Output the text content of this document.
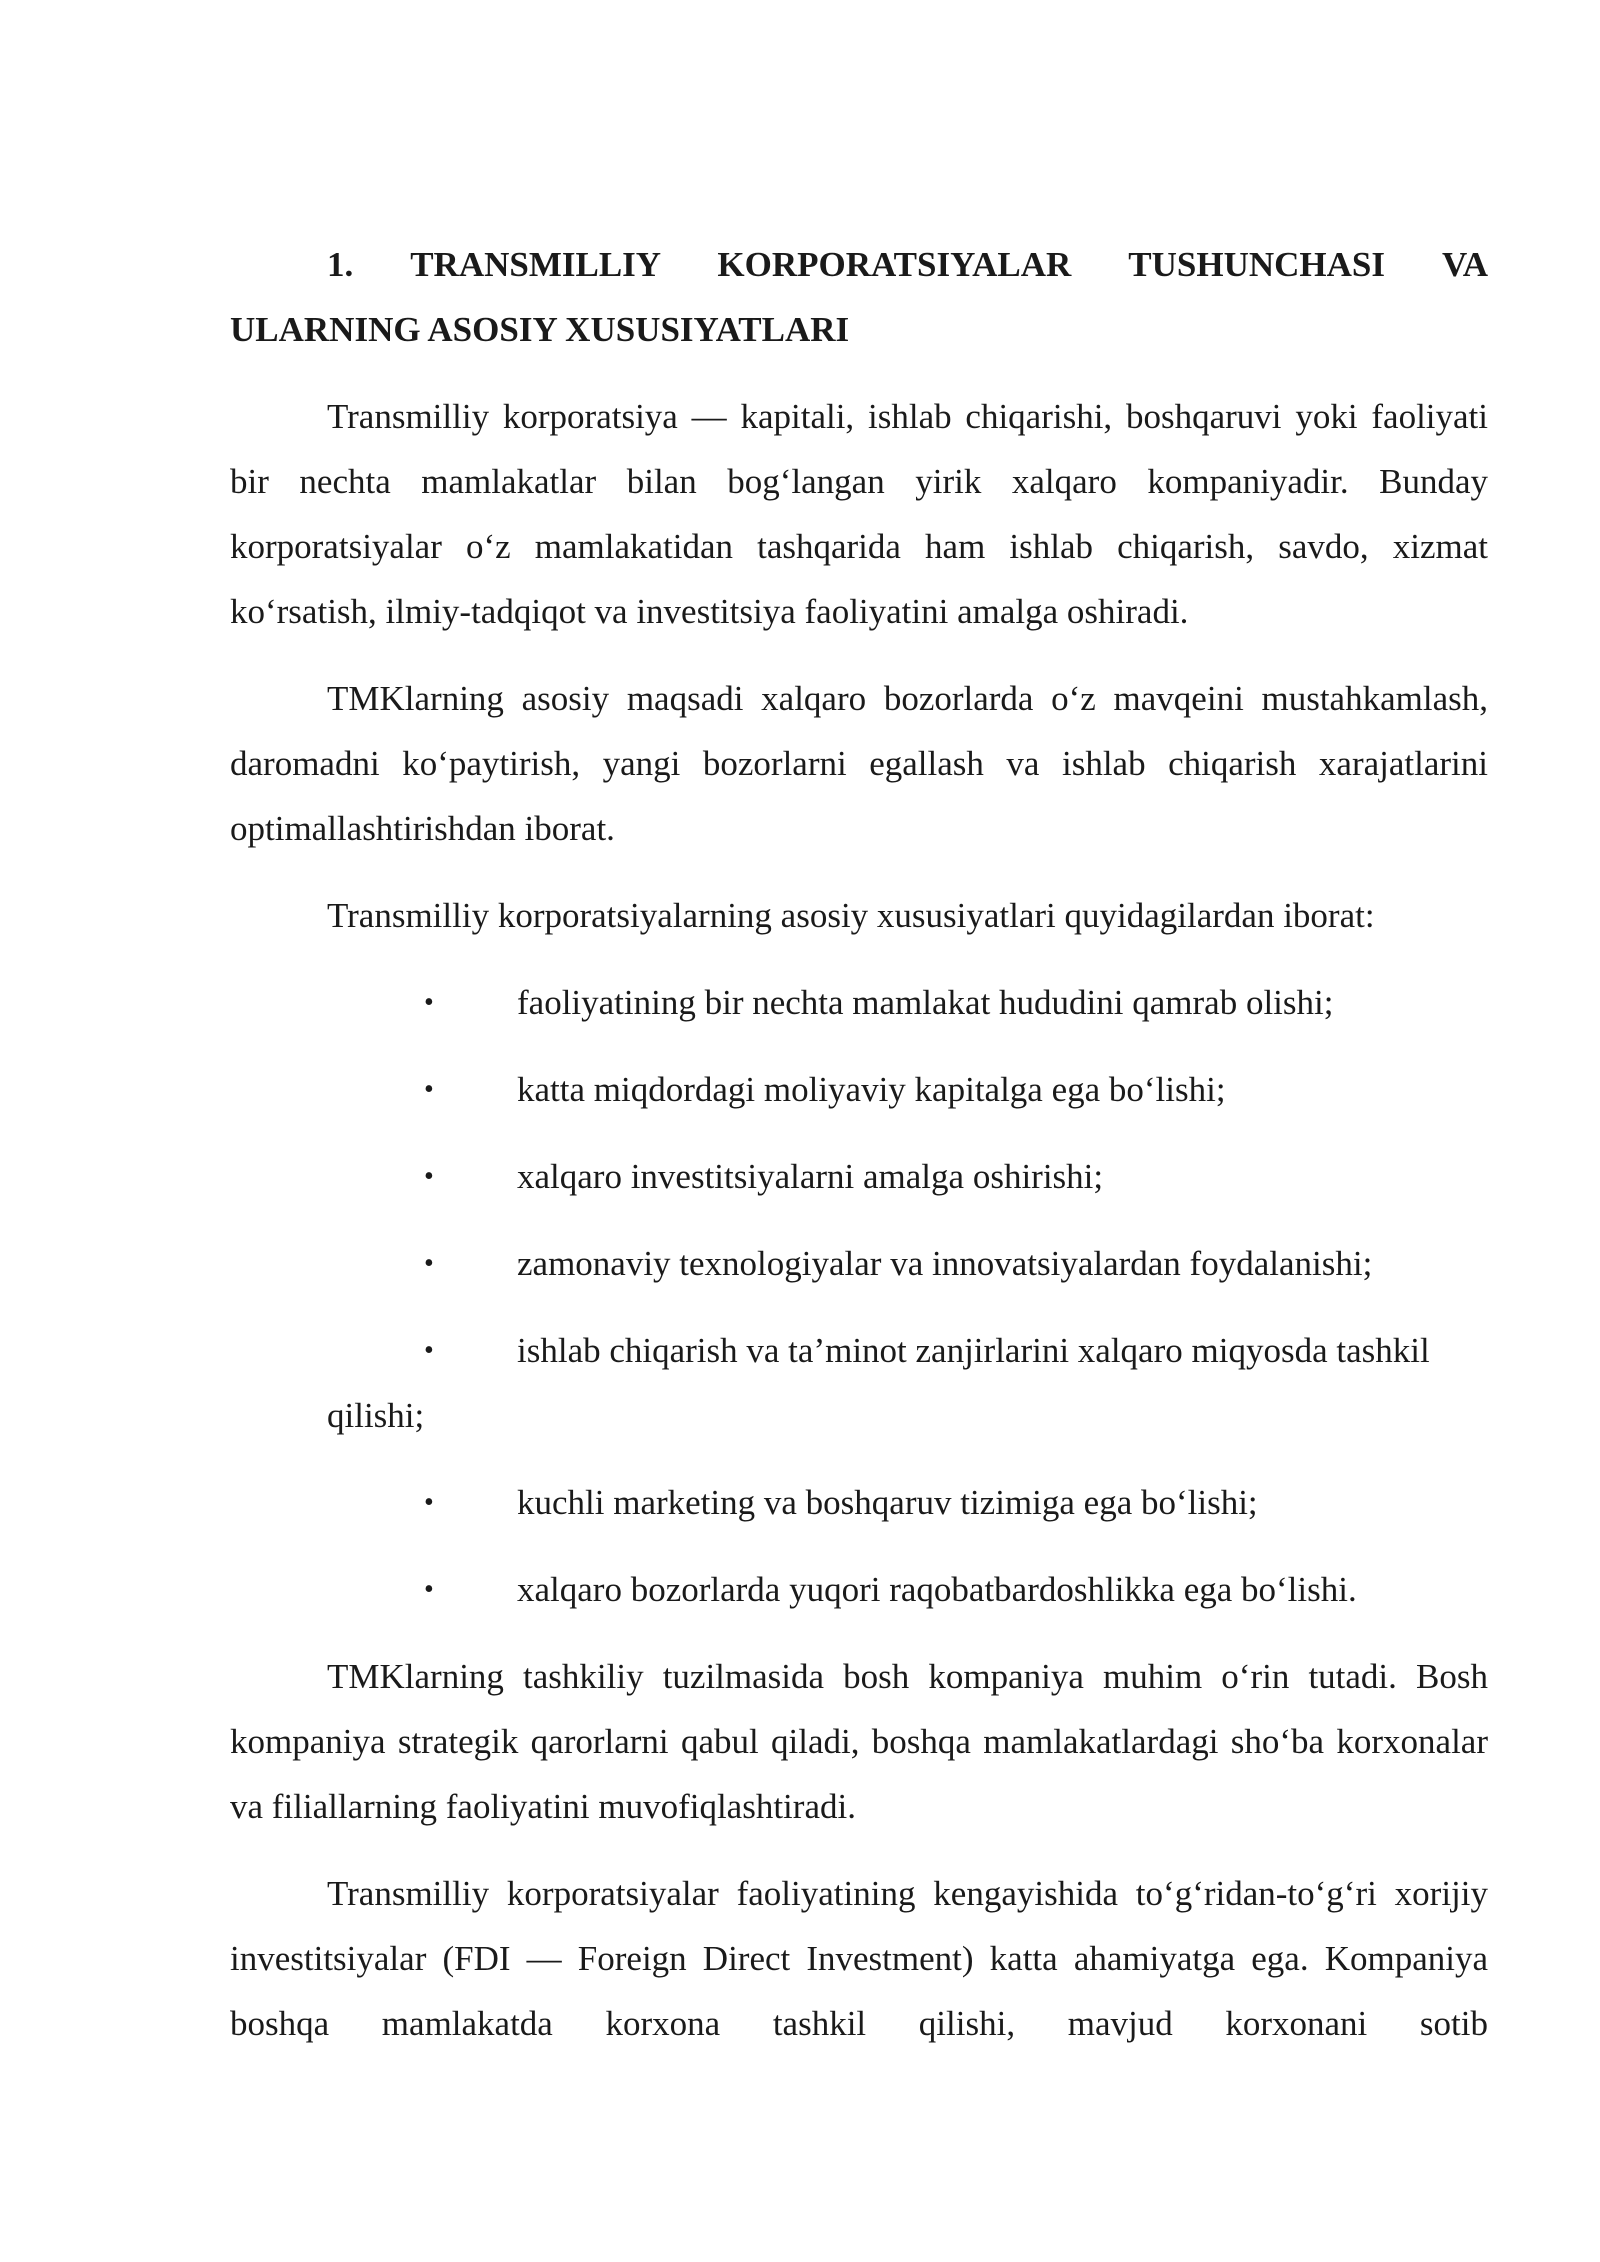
1. TRANSMILLIY KORPORATSIYALAR TUSHUNCHASI VA ULARNING ASOSIY XUSUSIYATLARI

Transmilliy korporatsiya — kapitali, ishlab chiqarishi, boshqaruvi yoki faoliyati bir nechta mamlakatlar bilan bog‘langan yirik xalqaro kompaniyadir. Bunday korporatsiyalar o‘z mamlakatidan tashqarida ham ishlab chiqarish, savdo, xizmat ko‘rsatish, ilmiy-tadqiqot va investitsiya faoliyatini amalga oshiradi.

TMKlarning asosiy maqsadi xalqaro bozorlarda o‘z mavqeini mustahkamlash, daromadni ko‘paytirish, yangi bozorlarni egallash va ishlab chiqarish xarajatlarini optimallashtirishdan iborat.

Transmilliy korporatsiyalarning asosiy xususiyatlari quyidagilardan iborat:

•	faoliyatining bir nechta mamlakat hududini qamrab olishi;
•	katta miqdordagi moliyaviy kapitalga ega bo‘lishi;
•	xalqaro investitsiyalarni amalga oshirishi;
•	zamonaviy texnologiyalar va innovatsiyalardan foydalanishi;
•	ishlab chiqarish va ta’minot zanjirlarini xalqaro miqyosda tashkil
qilishi;
•	kuchli marketing va boshqaruv tizimiga ega bo‘lishi;
•	xalqaro bozorlarda yuqori raqobatbardoshlikka ega bo‘lishi.

TMKlarning tashkiliy tuzilmasida bosh kompaniya muhim o‘rin tutadi. Bosh kompaniya strategik qarorlarni qabul qiladi, boshqa mamlakatlardagi sho‘ba korxonalar va filiallarning faoliyatini muvofiqlashtiradi.

Transmilliy korporatsiyalar faoliyatining kengayishida to‘g‘ridan-to‘g‘ri xorijiy investitsiyalar (FDI — Foreign Direct Investment) katta ahamiyatga ega. Kompaniya boshqa mamlakatda korxona tashkil qilishi, mavjud korxonani sotib
